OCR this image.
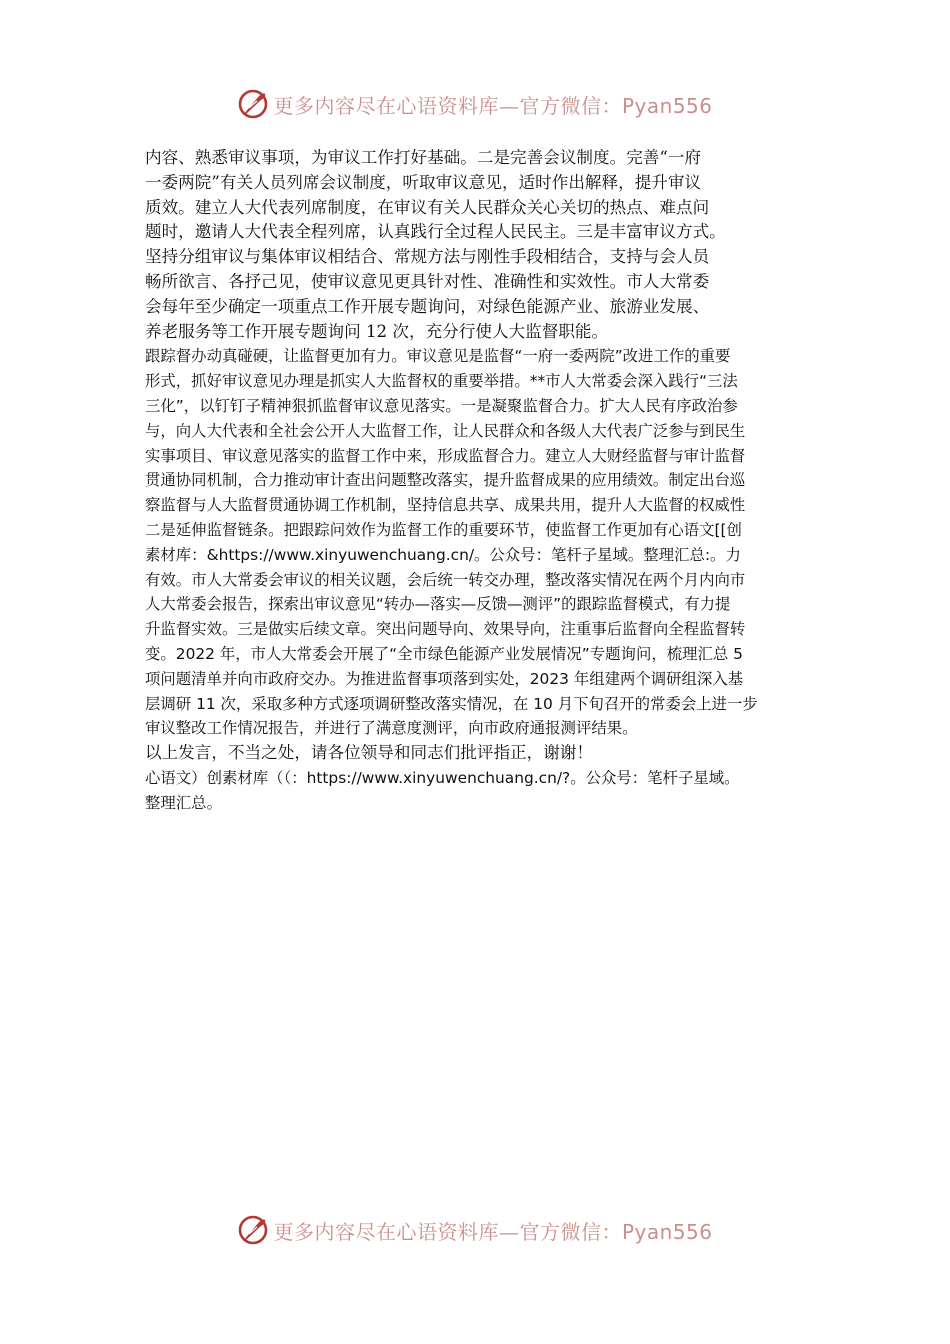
更多内容尽在心语资料库—官方微信：Pyan556

内容、熟悉审议事项，为审议工作打好基础。二是完善会议制度。完善“一府
一委两院”有关人员列席会议制度，听取审议意见，适时作出解释，提升审议
质效。建立人大代表列席制度，在审议有关人民群众关心关切的热点、难点问
题时，邀请人大代表全程列席，认真践行全过程人民民主。三是丰富审议方式。
坚持分组审议与集体审议相结合、常规方法与刚性手段相结合，支持与会人员
畅所欲言、各抒己见，使审议意见更具针对性、准确性和实效性。市人大常委
会每年至少确定一项重点工作开展专题询问，对绿色能源产业、旅游业发展、
养老服务等工作开展专题询问 12 次，充分行使人大监督职能。

跟踪督办动真碰硬，让监督更加有力。审议意见是监督“一府一委两院”改进工作的重要
形式，抓好审议意见办理是抓实人大监督权的重要举措。**市人大常委会深入践行“三法
三化”，以钉钉子精神狠抓监督审议意见落实。一是凝聚监督合力。扩大人民有序政治参
与，向人大代表和全社会公开人大监督工作，让人民群众和各级人大代表广泛参与到民生
实事项目、审议意见落实的监督工作中来，形成监督合力。建立人大财经监督与审计监督
贯通协同机制，合力推动审计查出问题整改落实，提升监督成果的应用绩效。制定出台巡
察监督与人大监督贯通协调工作机制，坚持信息共享、成果共用，提升人大监督的权威性
二是延伸监督链条。把跟踪问效作为监督工作的重要环节，使监督工作更加有心语文[[创
素材库：&https://www.xinyuwenchuang.cn/。公众号：笔杆子星域。整理汇总:。力
有效。市人大常委会审议的相关议题，会后统一转交办理，整改落实情况在两个月内向市
人大常委会报告，探索出审议意见“转办—落实—反馈—测评”的跟踪监督模式，有力提
升监督实效。三是做实后续文章。突出问题导向、效果导向，注重事后监督向全程监督转
变。2022 年，市人大常委会开展了“全市绿色能源产业发展情况”专题询问，梳理汇总 5
项问题清单并向市政府交办。为推进监督事项落到实处，2023 年组建两个调研组深入基
层调研 11 次，采取多种方式逐项调研整改落实情况，在 10 月下旬召开的常委会上进一步
审议整改工作情况报告，并进行了满意度测评，向市政府通报测评结果。

以上发言，不当之处，请各位领导和同志们批评指正，谢谢！

心语文）创素材库（（：https://www.xinyuwenchuang.cn/?。公众号：笔杆子星域。
整理汇总。

更多内容尽在心语资料库—官方微信：Pyan556
